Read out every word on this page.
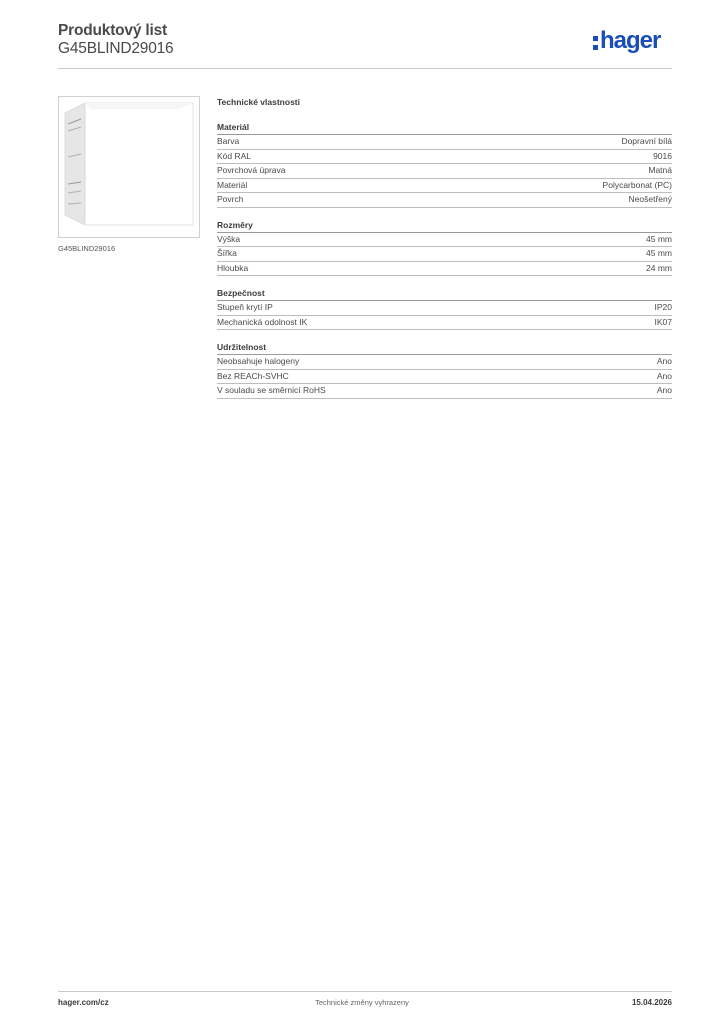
Produktový list
G45BLIND29016	hager
G45BLIND29016
Technické vlastnosti
Materiál
Barva	Dopravní bílá
Kód RAL	9016
Povrchová úprava	Matná
Materiál	Polycarbonat (PC)
Povrch	Neošetřený
Rozměry
Výška	45 mm
Šířka	45 mm
Hloubka	24 mm
Bezpečnost
Stupeň krytí IP	IP20
Mechanická odolnost IK	IK07
Udržitelnost
Neobsahuje halogeny	Ano
Bez REACh-SVHC	Ano
V souladu se směrnicí RoHS	Ano
hager.com/cz	Technické změny vyhrazeny	15.04.2026
